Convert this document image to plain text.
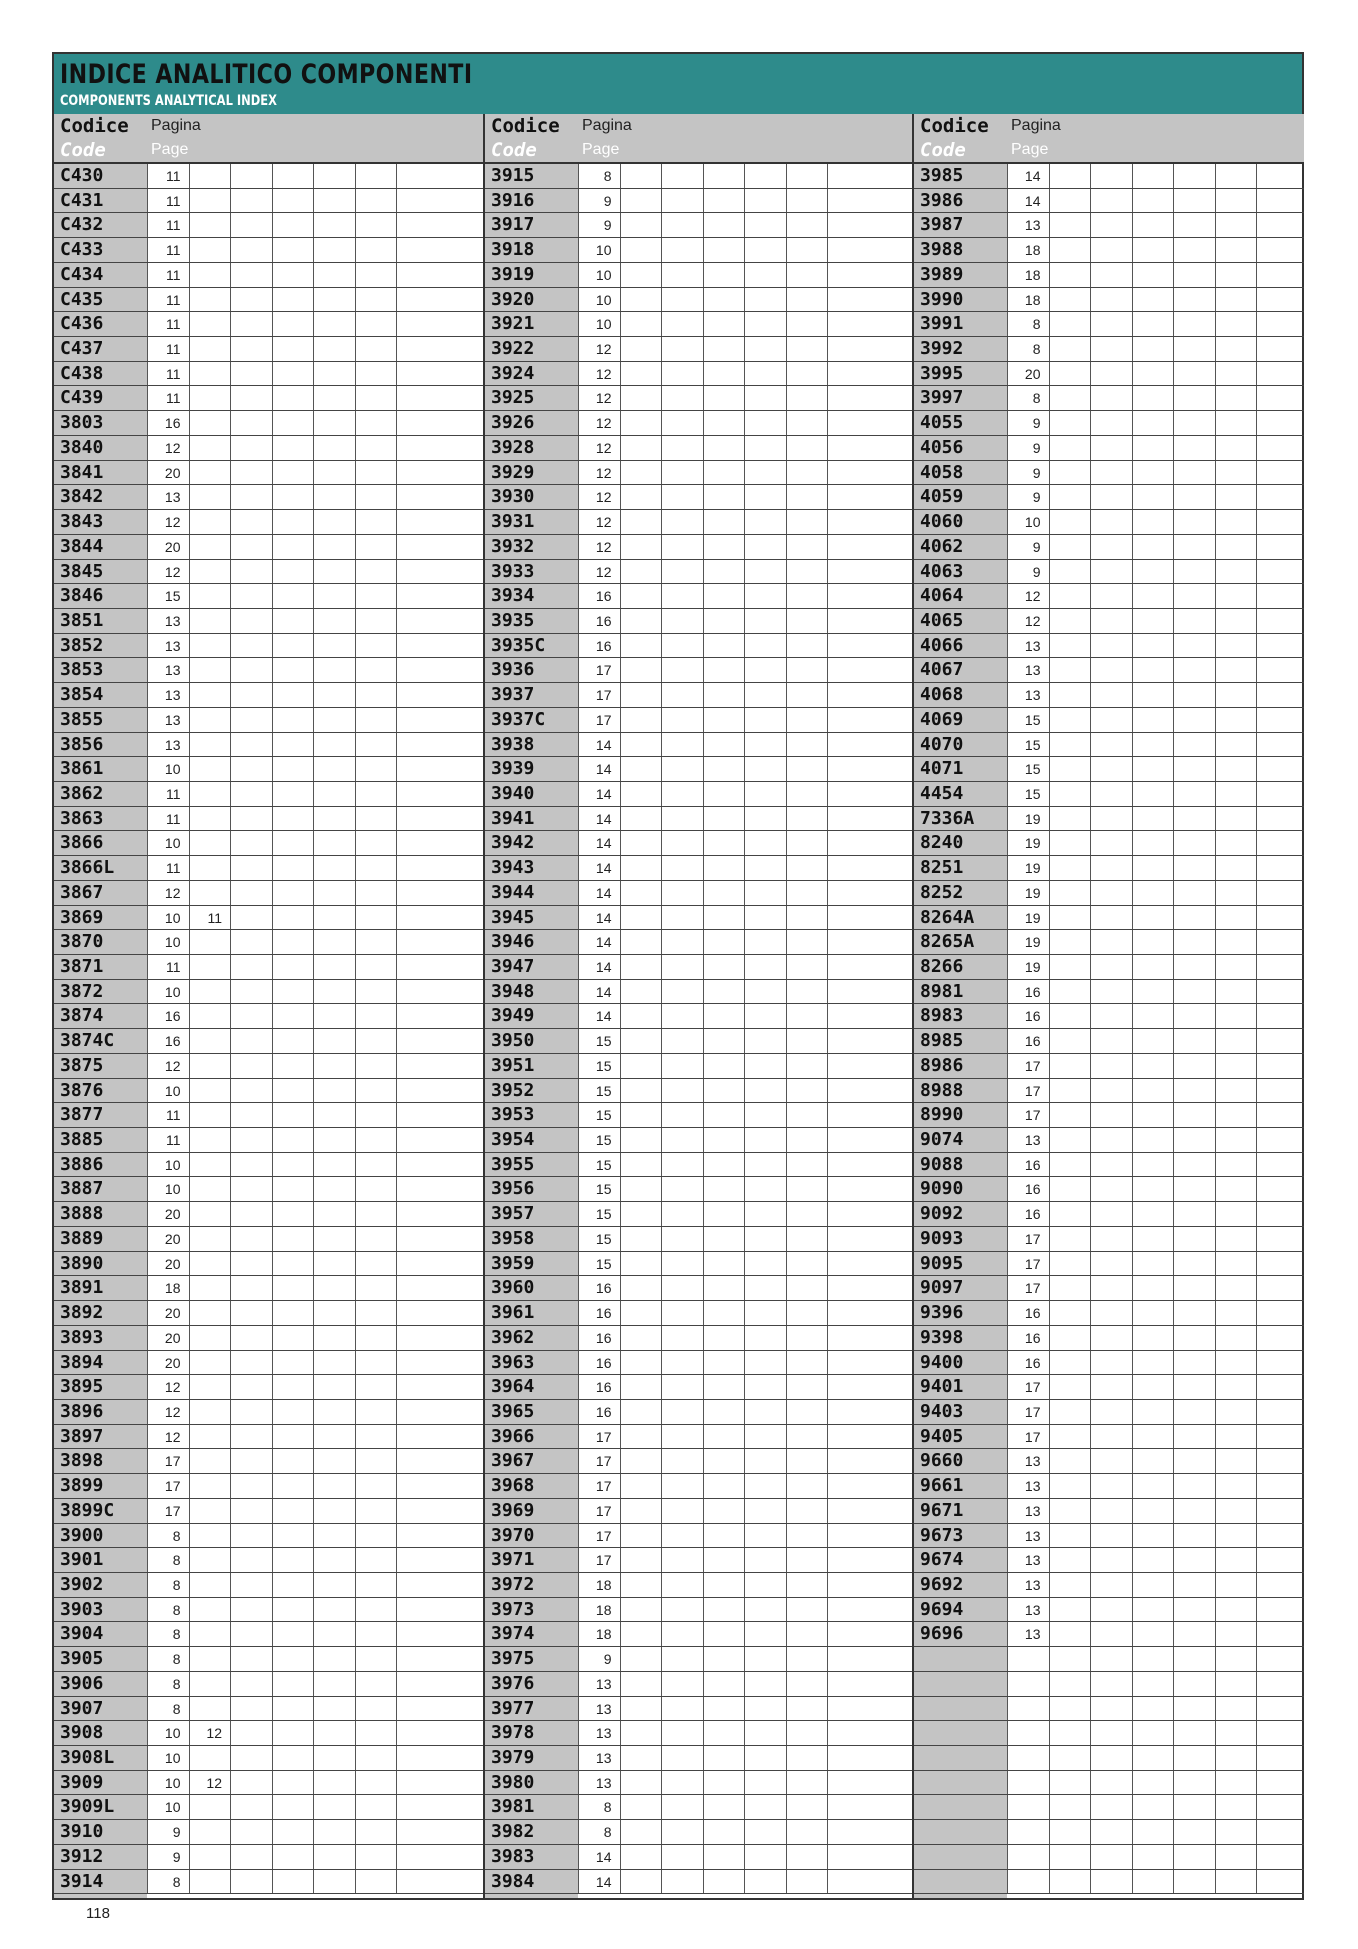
INDICE ANALITICO COMPONENTI
COMPONENTS ANALYTICAL INDEX
Codice
Code
Pagina
Page
C430	11
C431	11
C432	11
C433	11
C434	11
C435	11
C436	11
C437	11
C438	11
C439	11
3803	16
3840	12
3841	20
3842	13
3843	12
3844	20
3845	12
3846	15
3851	13
3852	13
3853	13
3854	13
3855	13
3856	13
3861	10
3862	11
3863	11
3866	10
3866L	11
3867	12
3869	10	11
3870	10
3871	11
3872	10
3874	16
3874C	16
3875	12
3876	10
3877	11
3885	11
3886	10
3887	10
3888	20
3889	20
3890	20
3891	18
3892	20
3893	20
3894	20
3895	12
3896	12
3897	12
3898	17
3899	17
3899C	17
3900	8
3901	8
3902	8
3903	8
3904	8
3905	8
3906	8
3907	8
3908	10	12
3908L	10
3909	10	12
3909L	10
3910	9
3912	9
3914	8
Codice
Code
Pagina
Page
3915	8
3916	9
3917	9
3918	10
3919	10
3920	10
3921	10
3922	12
3924	12
3925	12
3926	12
3928	12
3929	12
3930	12
3931	12
3932	12
3933	12
3934	16
3935	16
3935C	16
3936	17
3937	17
3937C	17
3938	14
3939	14
3940	14
3941	14
3942	14
3943	14
3944	14
3945	14
3946	14
3947	14
3948	14
3949	14
3950	15
3951	15
3952	15
3953	15
3954	15
3955	15
3956	15
3957	15
3958	15
3959	15
3960	16
3961	16
3962	16
3963	16
3964	16
3965	16
3966	17
3967	17
3968	17
3969	17
3970	17
3971	17
3972	18
3973	18
3974	18
3975	9
3976	13
3977	13
3978	13
3979	13
3980	13
3981	8
3982	8
3983	14
3984	14
Codice
Code
Pagina
Page
3985	14
3986	14
3987	13
3988	18
3989	18
3990	18
3991	8
3992	8
3995	20
3997	8
4055	9
4056	9
4058	9
4059	9
4060	10
4062	9
4063	9
4064	12
4065	12
4066	13
4067	13
4068	13
4069	15
4070	15
4071	15
4454	15
7336A	19
8240	19
8251	19
8252	19
8264A	19
8265A	19
8266	19
8981	16
8983	16
8985	16
8986	17
8988	17
8990	17
9074	13
9088	16
9090	16
9092	16
9093	17
9095	17
9097	17
9396	16
9398	16
9400	16
9401	17
9403	17
9405	17
9660	13
9661	13
9671	13
9673	13
9674	13
9692	13
9694	13
9696	13
118
